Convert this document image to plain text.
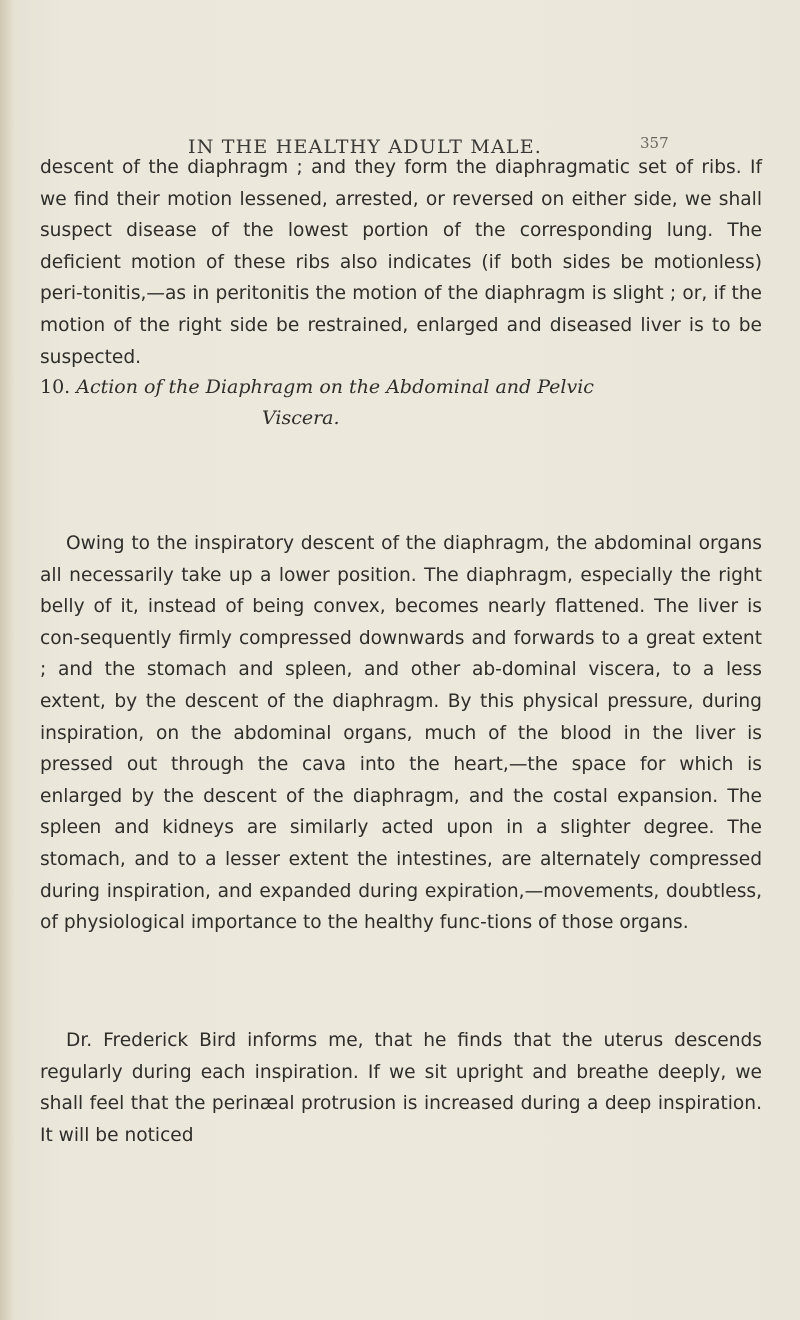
IN THE HEALTHY ADULT MALE.	357

descent of the diaphragm ; and they form the diaphragmatic set of ribs. If we find their motion lessened, arrested, or reversed on either side, we shall suspect disease of the lowest portion of the corresponding lung. The deficient motion of these ribs also indicates (if both sides be motionless) peri-tonitis,—as in peritonitis the motion of the diaphragm is slight ; or, if the motion of the right side be restrained, enlarged and diseased liver is to be suspected.

10. Action of the Diaphragm on the Abdominal and Pelvic
Viscera.

Owing to the inspiratory descent of the diaphragm, the abdominal organs all necessarily take up a lower position. The diaphragm, especially the right belly of it, instead of being convex, becomes nearly flattened. The liver is con-sequently firmly compressed downwards and forwards to a great extent ; and the stomach and spleen, and other ab-dominal viscera, to a less extent, by the descent of the diaphragm. By this physical pressure, during inspiration, on the abdominal organs, much of the blood in the liver is pressed out through the cava into the heart,—the space for which is enlarged by the descent of the diaphragm, and the costal expansion. The spleen and kidneys are similarly acted upon in a slighter degree. The stomach, and to a lesser extent the intestines, are alternately compressed during inspiration, and expanded during expiration,—movements, doubtless, of physiological importance to the healthy func-tions of those organs.

Dr. Frederick Bird informs me, that he finds that the uterus descends regularly during each inspiration. If we sit upright and breathe deeply, we shall feel that the perinæal protrusion is increased during a deep inspiration. It will be noticed
